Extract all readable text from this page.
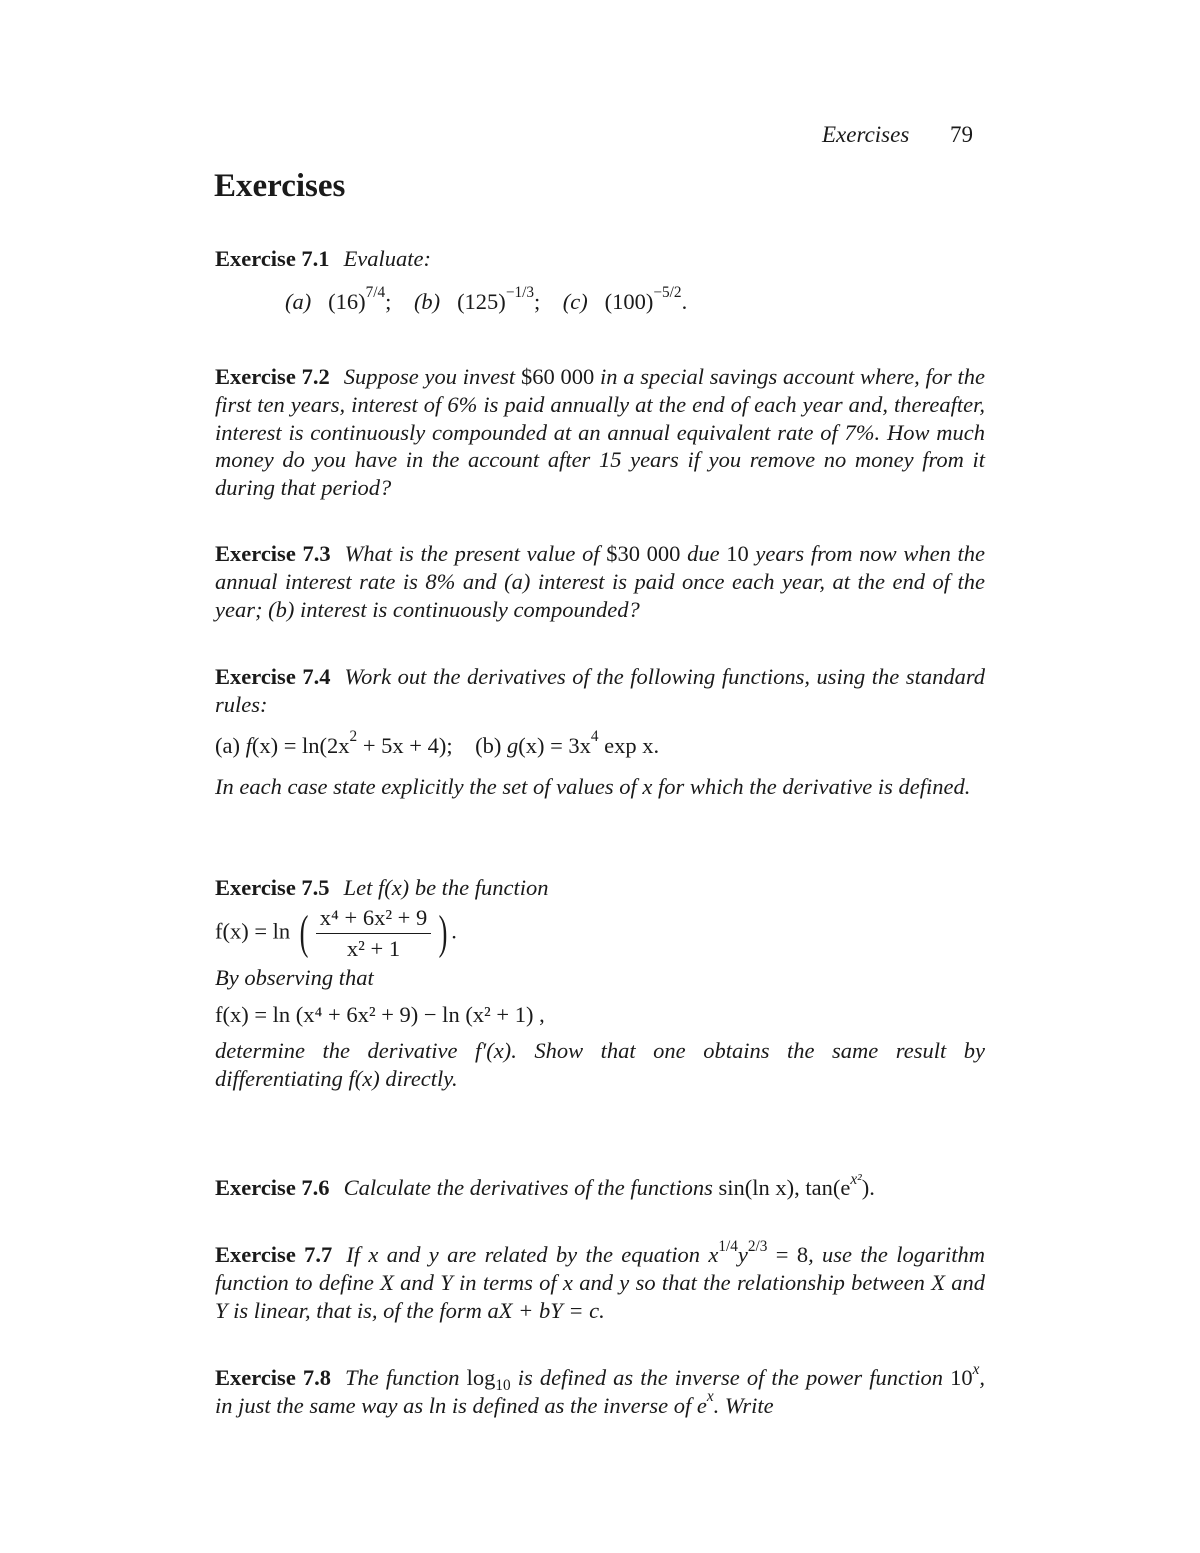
Exercises 79
Exercises

Exercise 7.1 Evaluate:

(a) $(16)^{7/4}$;    (b) $(125)^{-1/3}$;    (c) $(100)^{-5/2}$.

Exercise 7.2 Suppose you invest $60 000 in a special savings account where, for the first ten years, interest of 6% is paid annually at the end of each year and, thereafter, interest is continuously compounded at an annual equivalent rate of 7%. How much money do you have in the account after 15 years if you remove no money from it during that period?

Exercise 7.3 What is the present value of $30 000 due 10 years from now when the annual interest rate is 8% and (a) interest is paid once each year, at the end of the year; (b) interest is continuously compounded?

Exercise 7.4 Work out the derivatives of the following functions, using the standard rules:

(a) $f(x) = \ln(2x^2 + 5x + 4)$; (b) $g(x) = 3x^4$ exp x.

In each case state explicitly the set of values of x for which the derivative is defined.

Exercise 7.5 Let f(x) be the function

f(x) = ln ( $\frac{\text{x⁴ + 6x² + 9}}{\text{x² + 1}}$ ) .

By observing that

f(x) = ln (x⁴ + 6x² + 9) − ln (x² + 1) ,

determine the derivative f′(x). Show that one obtains the same result by differentiating f(x) directly.

Exercise 7.6 Calculate the derivatives of the functions sin(ln x), $\tan(e^{x^2})$.

Exercise 7.7 If x and y are related by the equation $x^{1/4}y^{2/3} = 8$, use the logarithm function to define X and Y in terms of x and y so that the relationship between X and Y is linear, that is, of the form aX + bY = c.

Exercise 7.8 The function $\log_{10}$ is defined as the inverse of the power function 10$^x$, in just the same way as ln is defined as the inverse of $e^x$. Write
